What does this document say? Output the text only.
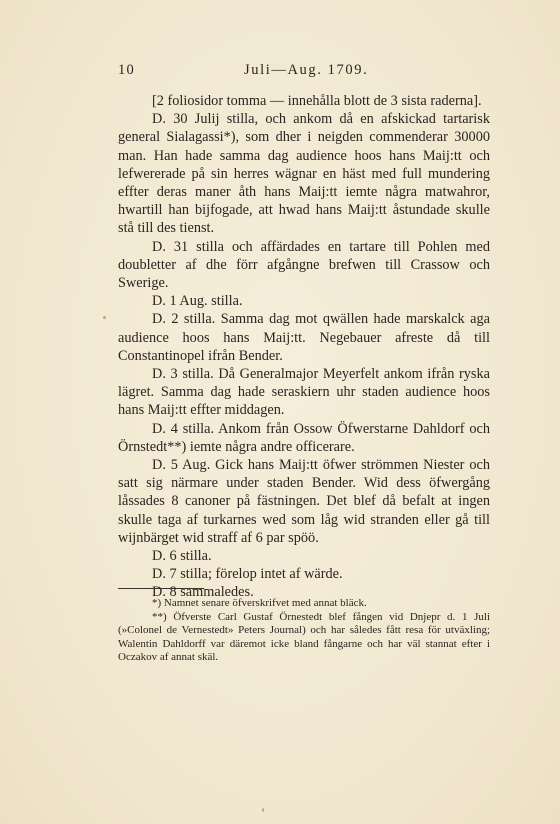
10	Juli—Aug. 1709.

[2 foliosidor tomma — innehålla blott de 3 sista raderna].

D. 30 Julij stilla, och ankom då en afskickad tartarisk general Sialagassi*), som dher i neigden commenderar 30000 man. Han hade samma dag audience hoos hans Maij:tt och lefwererade på sin herres wägnar en häst med full mundering effter deras maner åth hans Maij:tt iemte några matwahror, hwartill han bijfogade, att hwad hans Maij:tt åstundade skulle stå till des tienst.

D. 31 stilla och affärdades en tartare till Pohlen med doubletter af dhe förr afgångne brefwen till Crassow och Swerige.

D. 1 Aug. stilla.

D. 2 stilla. Samma dag mot qwällen hade marskalck aga audience hoos hans Maij:tt. Negebauer afreste då till Constantinopel ifrån Bender.

D. 3 stilla. Då Generalmajor Meyerfelt ankom ifrån ryska lägret. Samma dag hade seraskiern uhr staden audience hoos hans Maij:tt effter middagen.

D. 4 stilla. Ankom från Ossow Öfwerstarne Dahldorf och Örnstedt**) iemte några andre officerare.

D. 5 Aug. Gick hans Maij:tt öfwer strömmen Niester och satt sig närmare under staden Bender. Wid dess öfwergång låssades 8 canoner på fästningen. Det blef då befalt at ingen skulle taga af turkarnes wed som låg wid stranden eller gå till wijnbärget wid straff af 6 par spöö.

D. 6 stilla.

D. 7 stilla; förelop intet af wärde.

D. 8 sammaledes.

*) Namnet senare öfverskrifvet med annat bläck.

**) Öfverste Carl Gustaf Örnestedt blef fången vid Dnjepr d. 1 Juli (»Colonel de Vernestedt» Peters Journal) och har således fått resa för utväxling; Walentin Dahldorff var däremot icke bland fångarne och har väl stannat efter i Oczakov af annat skäl.
